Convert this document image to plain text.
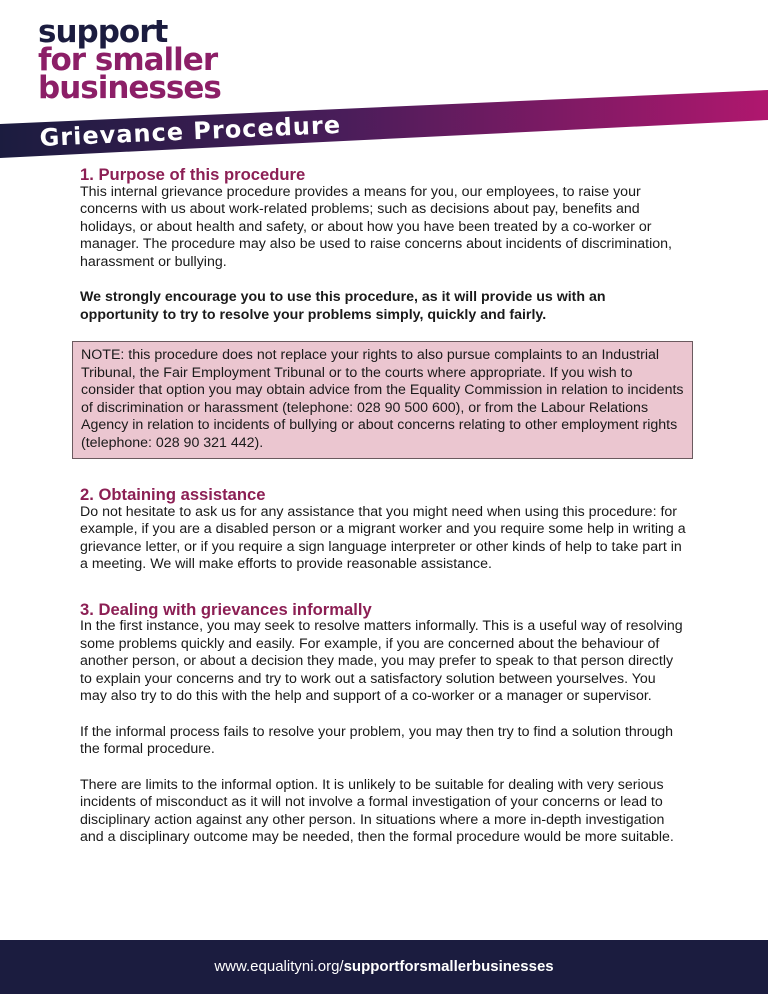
support
for smaller
businesses
Grievance Procedure
1. Purpose of this procedure

This internal grievance procedure provides a means for you, our employees, to raise your concerns with us about work-related problems; such as decisions about pay, benefits and holidays, or about health and safety, or about how you have been treated by a co-worker or manager. The procedure may also be used to raise concerns about incidents of discrimination, harassment or bullying.

We strongly encourage you to use this procedure, as it will provide us with an opportunity to try to resolve your problems simply, quickly and fairly.

NOTE: this procedure does not replace your rights to also pursue complaints to an Industrial Tribunal, the Fair Employment Tribunal or to the courts where appropriate. If you wish to consider that option you may obtain advice from the Equality Commission in relation to incidents of discrimination or harassment (telephone: 028 90 500 600), or from the Labour Relations Agency in relation to incidents of bullying or about concerns relating to other employment rights (telephone: 028 90 321 442).
2. Obtaining assistance

Do not hesitate to ask us for any assistance that you might need when using this procedure: for example, if you are a disabled person or a migrant worker and you require some help in writing a grievance letter, or if you require a sign language interpreter or other kinds of help to take part in a meeting. We will make efforts to provide reasonable assistance.

3. Dealing with grievances informally

In the first instance, you may seek to resolve matters informally. This is a useful way of resolving some problems quickly and easily. For example, if you are concerned about the behaviour of another person, or about a decision they made, you may prefer to speak to that person directly to explain your concerns and try to work out a satisfactory solution between yourselves. You may also try to do this with the help and support of a co-worker or a manager or supervisor.

If the informal process fails to resolve your problem, you may then try to find a solution through the formal procedure.

There are limits to the informal option. It is unlikely to be suitable for dealing with very serious incidents of misconduct as it will not involve a formal investigation of your concerns or lead to disciplinary action against any other person. In situations where a more in-depth investigation and a disciplinary outcome may be needed, then the formal procedure would be more suitable.

www.equalityni.org/supportforsmallerbusinesses
